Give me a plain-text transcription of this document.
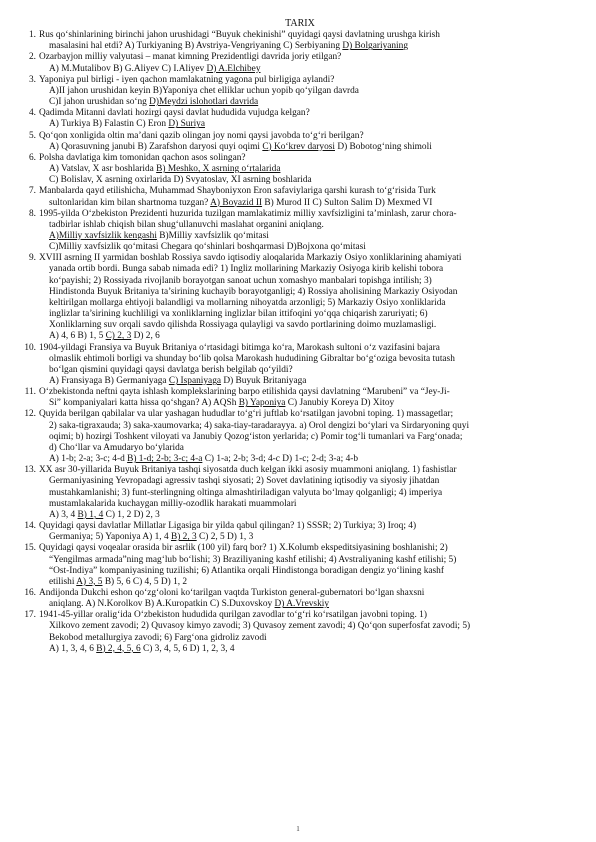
TARIX
1. Rus qo‘shinlarining birinchi jahon urushidagi “Buyuk chekinishi” quyidagi qaysi davlatning urushga kirish
masalasini hal etdi? A) Turkiyaning B) Avstriya-Vengriyaning C) Serbiyaning D) Bolgariyaning
2. Ozarbayjon milliy valyutasi – manat kimning Prezidentligi davrida joriy etilgan?
A) M.Mutalibov B) G.Aliyev C) I.Aliyev D) A.Elchibey
3. Yaponiya pul birligi - iyen qachon mamlakatning yagona pul birligiga aylandi?
A)II jahon urushidan keyin B)Yaponiya chet elliklar uchun yopib qo‘yilgan davrda
C)I jahon urushidan so‘ng D)Meydzi islohotlari davrida
4. Qadimda Mitanni davlati hozirgi qaysi davlat hududida vujudga kelgan?
A) Turkiya B) Falastin C) Eron D) Suriya
5. Qo‘qon xonligida oltin ma’dani qazib olingan joy nomi qaysi javobda to‘g‘ri berilgan?
A) Qorasuvning janubi B) Zarafshon daryosi quyi oqimi C) Ko‘krev daryosi D) Bobotog‘ning shimoli
6. Polsha davlatiga kim tomonidan qachon asos solingan?
A) Vatslav, X asr boshlarida B) Meshko, X asrning o‘rtalarida
C) Bolislav, X asrning oxirlarida D) Svyatoslav, XI asrning boshlarida
7. Manbalarda qayd etilishicha, Muhammad Shayboniyxon Eron safaviylariga qarshi kurash to‘g‘risida Turk
sultonlaridan kim bilan shartnoma tuzgan? A) Boyazid II B) Murod II C) Sulton Salim D) Mexmed VI
8. 1995-yilda O‘zbekiston Prezidenti huzurida tuzilgan mamlakatimiz milliy xavfsizligini ta’minlash, zarur chora-
tadbirlar ishlab chiqish bilan shug‘ullanuvchi maslahat organini aniqlang.
A)Milliy xavfsizlik kengashi B)Milliy xavfsizlik qo‘mitasi
C)Milliy xavfsizlik qo‘mitasi Chegara qo‘shinlari boshqarmasi D)Bojxona qo‘mitasi
9. XVIII asrning II yarmidan boshlab Rossiya savdo iqtisodiy aloqalarida Markaziy Osiyo xonliklarining ahamiyati
yanada ortib bordi. Bunga sabab nimada edi? 1) Ingliz mollarining Markaziy Osiyoga kirib kelishi tobora
ko‘payishi; 2) Rossiyada rivojlanib borayotgan sanoat uchun xomashyo manbalari topishga intilish; 3)
Hindistonda Buyuk Britaniya ta’sirining kuchayib borayotganligi; 4) Rossiya aholisining Markaziy Osiyodan
keltirilgan mollarga ehtiyoji balandligi va mollarning nihoyatda arzonligi; 5) Markaziy Osiyo xonliklarida
inglizlar ta’sirining kuchliligi va xonliklarning inglizlar bilan ittifoqini yo‘qqa chiqarish zaruriyati; 6)
Xonliklarning suv orqali savdo qilishda Rossiyaga qulayligi va savdo portlarining doimo muzlamasligi.
A) 4, 6 B) 1, 5 C) 2, 3 D) 2, 6
10. 1904-yildagi Fransiya va Buyuk Britaniya o‘rtasidagi bitimga ko‘ra, Marokash sultoni o‘z vazifasini bajara
olmaslik ehtimoli borligi va shunday bo‘lib qolsa Marokash hududining Gibraltar bo‘g‘oziga bevosita tutash
bo‘lgan qismini quyidagi qaysi davlatga berish belgilab qo‘yildi?
A) Fransiyaga B) Germaniyaga C) Ispaniyaga D) Buyuk Britaniyaga
11. O‘zbekistonda neftni qayta ishlash komplekslarining barpo etilishida qaysi davlatning “Marubeni” va “Jey-Ji-
Si” kompaniyalari katta hissa qo‘shgan? A) AQSh B) Yaponiya C) Janubiy Koreya D) Xitoy
12. Quyida berilgan qabilalar va ular yashagan hududlar to‘g‘ri juftlab ko‘rsatilgan javobni toping. 1) massagetlar;
2) saka-tigraxauda; 3) saka-xaumovarka; 4) saka-tiay-taradarayya. a) Orol dengizi bo‘ylari va Sirdaryoning quyi
oqimi; b) hozirgi Toshkent viloyati va Janubiy Qozog‘iston yerlarida; c) Pomir tog‘li tumanlari va Farg‘onada;
d) Cho‘llar va Amudaryo bo‘ylarida
A) 1-b; 2-a; 3-c; 4-d B) 1-d; 2-b; 3-c; 4-a C) 1-a; 2-b; 3-d; 4-c D) 1-c; 2-d; 3-a; 4-b
13. XX asr 30-yillarida Buyuk Britaniya tashqi siyosatda duch kelgan ikki asosiy muammoni aniqlang. 1) fashistlar
Germaniyasining Yevropadagi agressiv tashqi siyosati; 2) Sovet davlatining iqtisodiy va siyosiy jihatdan
mustahkamlanishi; 3) funt-sterlingning oltinga almashtiriladigan valyuta bo‘lmay qolganligi; 4) imperiya
mustamlakalarida kuchaygan milliy-ozodlik harakati muammolari
A) 3, 4 B) 1, 4 C) 1, 2 D) 2, 3
14. Quyidagi qaysi davlatlar Millatlar Ligasiga bir yilda qabul qilingan? 1) SSSR; 2) Turkiya; 3) Iroq; 4)
Germaniya; 5) Yaponiya A) 1, 4 B) 2, 3 C) 2, 5 D) 1, 3
15. Quyidagi qaysi voqealar orasida bir asrlik (100 yil) farq bor? 1) X.Kolumb ekspeditsiyasining boshlanishi; 2)
“Yengilmas armada”ning mag‘lub bo‘lishi; 3) Braziliyaning kashf etilishi; 4) Avstraliyaning kashf etilishi; 5)
“Ost-Indiya” kompaniyasining tuzilishi; 6) Atlantika orqali Hindistonga boradigan dengiz yo‘lining kashf
etilishi A) 3, 5 B) 5, 6 C) 4, 5 D) 1, 2
16. Andijonda Dukchi eshon qo‘zg‘oloni ko‘tarilgan vaqtda Turkiston general-gubernatori bo‘lgan shaxsni
aniqlang. A) N.Korolkov B) A.Kuropatkin C) S.Duxovskoy D) A.Vrevskiy
17. 1941-45-yillar oralig‘ida O‘zbekiston hududida qurilgan zavodlar to‘g‘ri ko‘rsatilgan javobni toping. 1)
Xilkovo zement zavodi; 2) Quvasoy kimyo zavodi; 3) Quvasoy zement zavodi; 4) Qo‘qon superfosfat zavodi; 5)
Bekobod metallurgiya zavodi; 6) Farg‘ona gidroliz zavodi
A) 1, 3, 4, 6 B) 2, 4, 5, 6 C) 3, 4, 5, 6 D) 1, 2, 3, 4
1
